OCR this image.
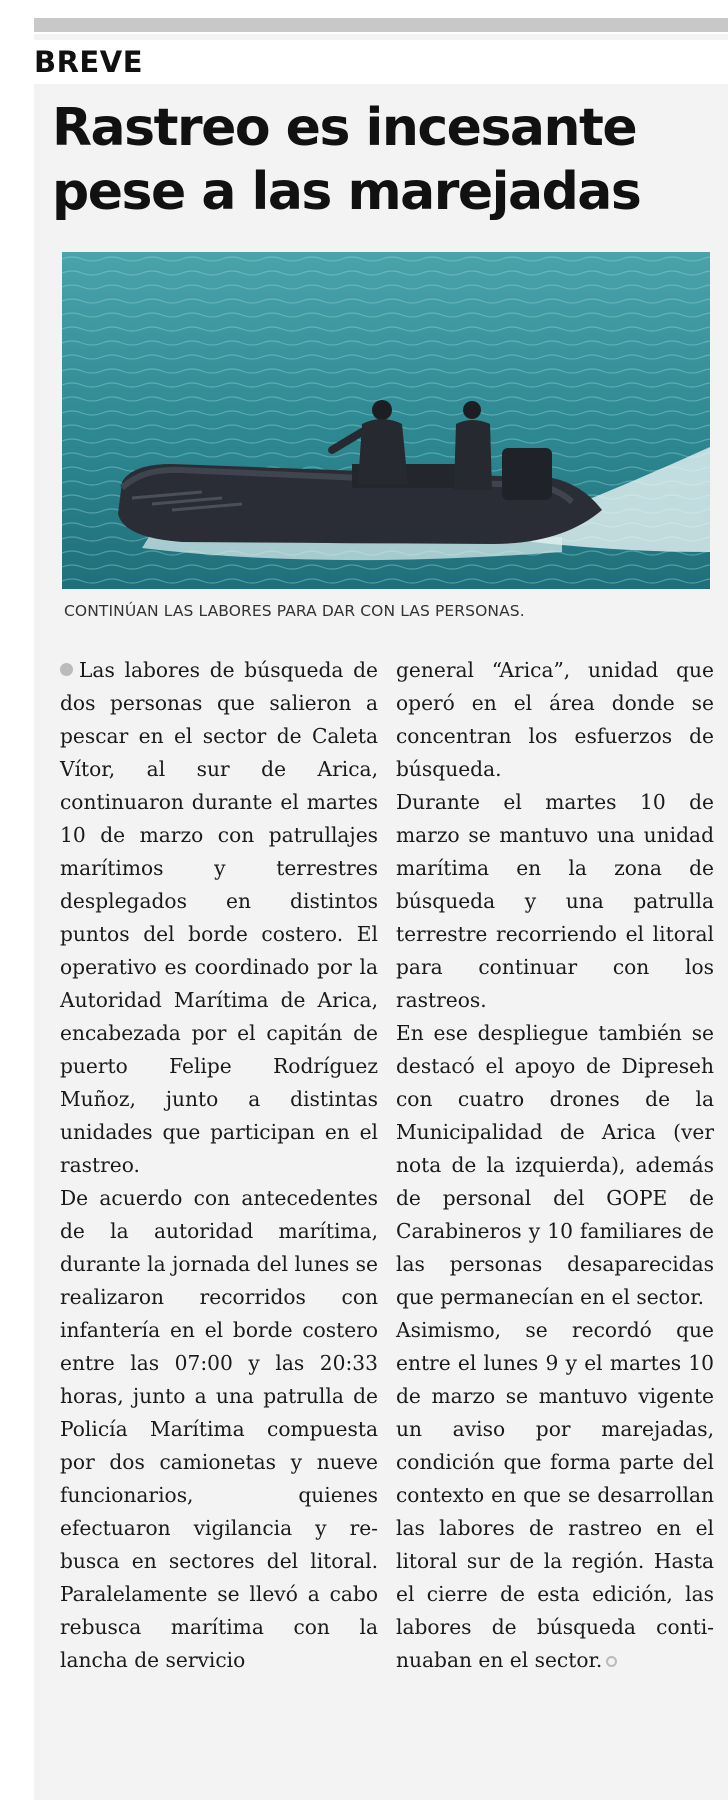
BREVE
Rastreo es incesante pese a las marejadas
CONTINÚAN LAS LABORES PARA DAR CON LAS PERSONAS.

Las labores de búsqueda de dos personas que salieron a pescar en el sector de Caleta Vítor, al sur de Arica, continuaron durante el martes 10 de marzo con patrullajes marítimos y terrestres desplegados en distintos puntos del borde costero. El operativo es coordinado por la Autoridad Marítima de Arica, encabezada por el capitán de puerto Felipe Rodríguez Muñoz, junto a distintas unidades que participan en el rastreo.

De acuerdo con antecedentes de la autoridad marítima, durante la jornada del lunes se realizaron recorridos con infantería en el borde costero entre las 07:00 y las 20:33 horas, junto a una patrulla de Policía Marítima compuesta por dos camionetas y nueve funcionarios, quienes efectuaron vigilancia y rebusca en sectores del litoral. Paralelamente se llevó a cabo rebusca marítima con la lancha de servicio

general “Arica”, unidad que operó en el área donde se concentran los esfuerzos de búsqueda.

Durante el martes 10 de marzo se mantuvo una unidad marítima en la zona de búsqueda y una patrulla terrestre recorriendo el litoral para continuar con los rastreos.

En ese despliegue también se destacó el apoyo de Dipreseh con cuatro drones de la Municipalidad de Arica (ver nota de la izquierda), además de personal del GOPE de Carabineros y 10 familiares de las personas desaparecidas que permanecían en el sector.

Asimismo, se recordó que entre el lunes 9 y el martes 10 de marzo se mantuvo vigente un aviso por marejadas, condición que forma parte del contexto en que se desarrollan las labores de rastreo en el litoral sur de la región. Hasta el cierre de esta edición, las labores de búsqueda continuaban en el sector.
